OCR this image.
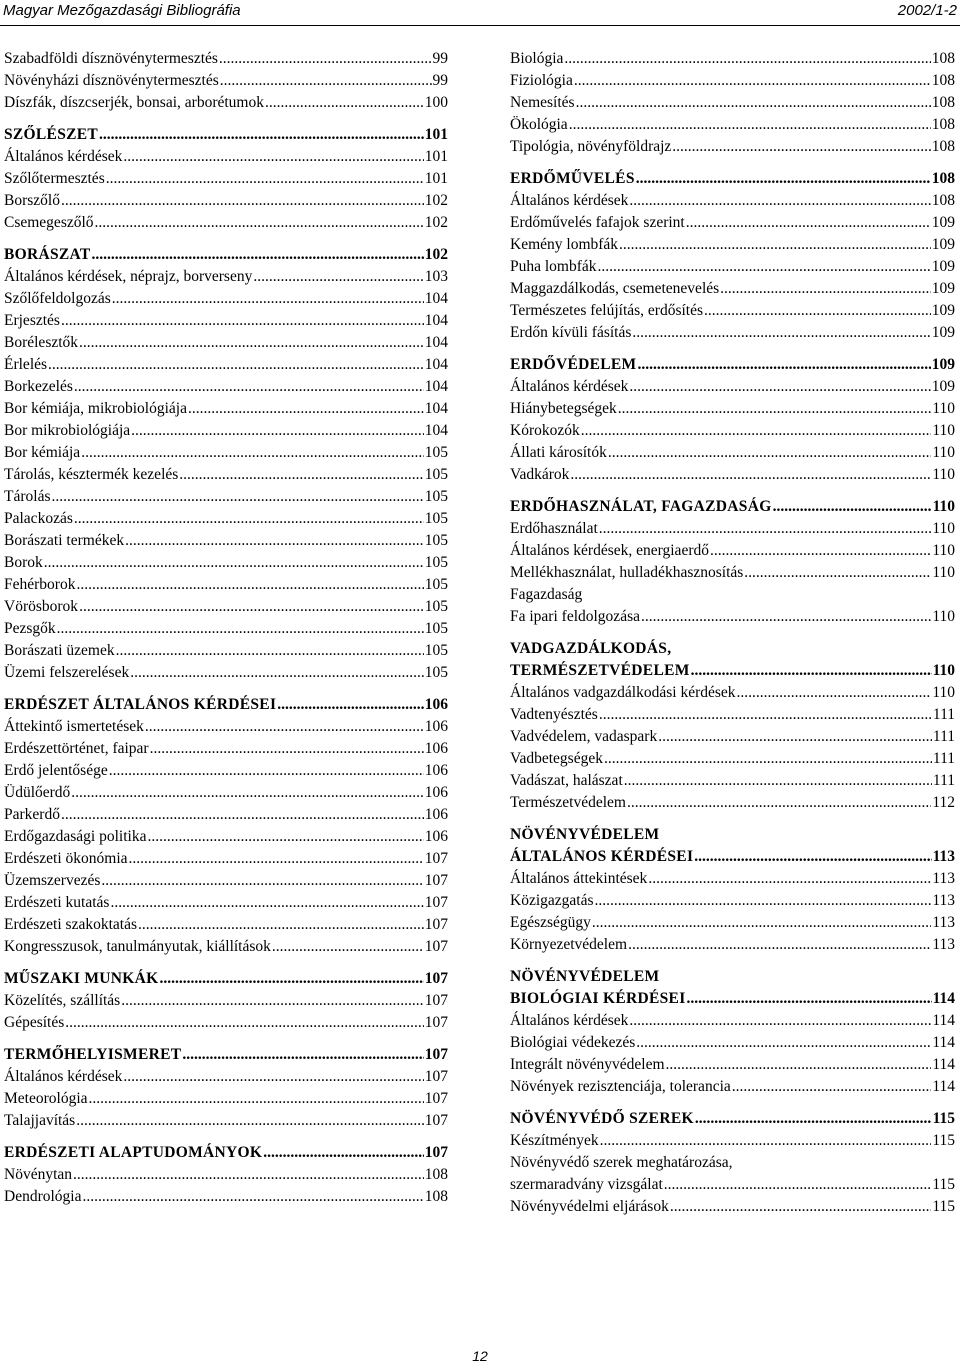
Magyar Mezőgazdasági Bibliográfia	2002/1-2
Szabadföldi dísznövénytermesztés .....	99
Növényházi dísznövénytermesztés .....	99
Díszfák, díszcserjék, bonsai, arborétumok .....	100
SZŐLÉSZET .....	101
Általános kérdések .....	101
Szőlőtermesztés .....	101
Borszőlő .....	102
Csemegeszőlő .....	102
BORÁSZAT .....	102
Általános kérdések, néprajz, borverseny .....	103
Szőlőfeldolgozás .....	104
Erjesztés .....	104
Borélesztők .....	104
Érlelés .....	104
Borkezelés .....	104
Bor kémiája, mikrobiológiája .....	104
Bor mikrobiológiája .....	104
Bor kémiája .....	105
Tárolás, késztermék kezelés .....	105
Tárolás .....	105
Palackozás .....	105
Borászati termékek .....	105
Borok .....	105
Fehérborok .....	105
Vörösborok .....	105
Pezsgők .....	105
Borászati üzemek .....	105
Üzemi felszerelések .....	105
ERDÉSZET ÁLTALÁNOS KÉRDÉSEI .....	106
Áttekintő ismertetések .....	106
Erdészettörténet, faipar .....	106
Erdő jelentősége .....	106
Üdülőerdő .....	106
Parkerdő .....	106
Erdőgazdasági politika .....	106
Erdészeti ökonómia .....	107
Üzemszervezés .....	107
Erdészeti kutatás .....	107
Erdészeti szakoktatás .....	107
Kongresszusok, tanulmányutak, kiállítások .....	107
MŰSZAKI MUNKÁK .....	107
Közelítés, szállítás .....	107
Gépesítés .....	107
TERMŐHELYISMERET .....	107
Általános kérdések .....	107
Meteorológia .....	107
Talajjavítás .....	107
ERDÉSZETI ALAPTUDOMÁNYOK .....	107
Növénytan .....	108
Dendrológia .....	108
Biológia .....	108
Fiziológia .....	108
Nemesítés .....	108
Ökológia .....	108
Tipológia, növényföldrajz .....	108
ERDŐMŰVELÉS .....	108
Általános kérdések .....	108
Erdőművelés fafajok szerint .....	109
Kemény lombfák .....	109
Puha lombfák .....	109
Maggazdálkodás, csemetenevelés .....	109
Természetes felújítás, erdősítés .....	109
Erdőn kívüli fásítás .....	109
ERDŐVÉDELEM .....	109
Általános kérdések .....	109
Hiánybetegségek .....	110
Kórokozók .....	110
Állati károsítók .....	110
Vadkárok .....	110
ERDŐHASZNÁLAT, FAGAZDASÁG .....	110
Erdőhasználat .....	110
Általános kérdések, energiaerdő .....	110
Mellékhasználat, hulladékhasznosítás .....	110
Fagazdaság
Fa ipari feldolgozása .....	110
VADGAZDÁLKODÁS,
TERMÉSZETVÉDELEM .....	110
Általános vadgazdálkodási kérdések .....	110
Vadtenyésztés .....	111
Vadvédelem, vadaspark .....	111
Vadbetegségek .....	111
Vadászat, halászat .....	111
Természetvédelem .....	112
NÖVÉNYVÉDELEM
ÁLTALÁNOS KÉRDÉSEI .....	113
Általános áttekintések .....	113
Közigazgatás .....	113
Egészségügy .....	113
Környezetvédelem .....	113
NÖVÉNYVÉDELEM
BIOLÓGIAI KÉRDÉSEI .....	114
Általános kérdések .....	114
Biológiai védekezés .....	114
Integrált növényvédelem .....	114
Növények rezisztenciája, tolerancia .....	114
NÖVÉNYVÉDŐ SZEREK .....	115
Készítmények .....	115
Növényvédő szerek meghatározása,
szermaradvány vizsgálat .....	115
Növényvédelmi eljárások .....	115
12
